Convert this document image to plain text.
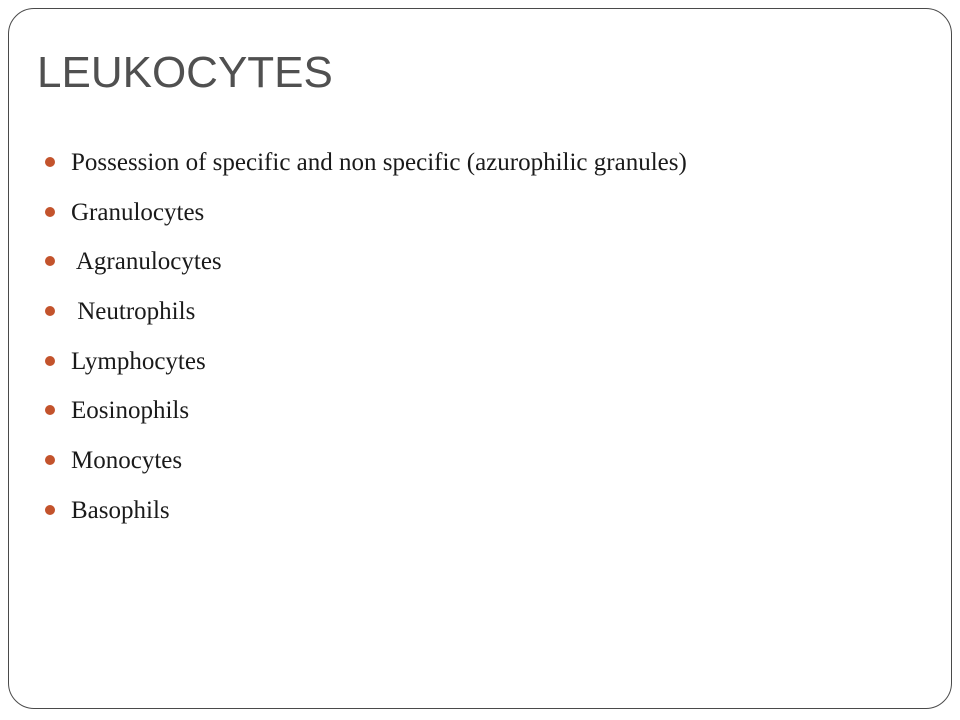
LEUKOCYTES
Possession of specific and non specific (azurophilic granules)
Granulocytes
Agranulocytes
Neutrophils
Lymphocytes
Eosinophils
Monocytes
Basophils
